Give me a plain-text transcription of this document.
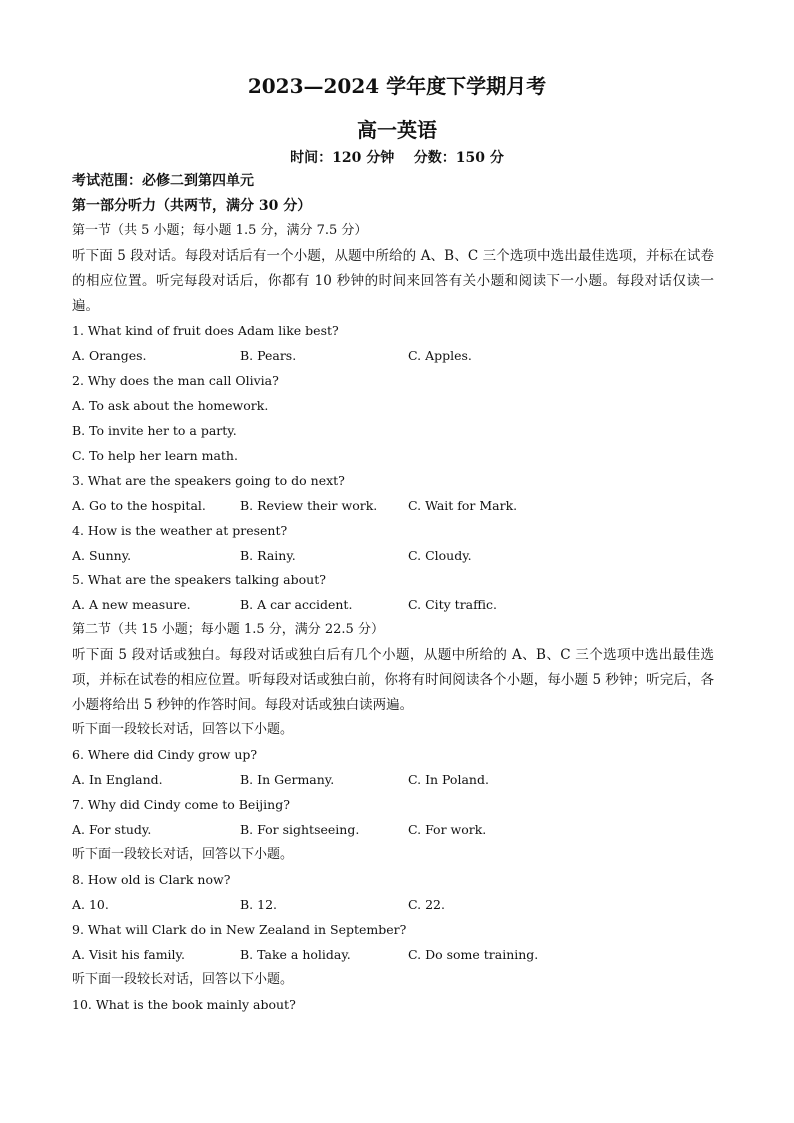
2023—2024 学年度下学期月考
高一英语
时间：120 分钟    分数：150 分
考试范围：必修二到第四单元
第一部分听力（共两节，满分 30 分）
第一节（共 5 小题；每小题 1.5 分，满分 7.5 分）
听下面 5 段对话。每段对话后有一个小题，从题中所给的 A、B、C 三个选项中选出最佳选项，并标在试卷的相应位置。听完每段对话后，你都有 10 秒钟的时间来回答有关小题和阅读下一小题。每段对话仅读一遍。
1. What kind of fruit does Adam like best?
A. Oranges.	B. Pears.	C. Apples.
2. Why does the man call Olivia?
A. To ask about the homework.
B. To invite her to a party.
C. To help her learn math.
3. What are the speakers going to do next?
A. Go to the hospital.	B. Review their work. C. Wait for Mark.
4. How is the weather at present?
A. Sunny.	B. Rainy.	C. Cloudy.
5. What are the speakers talking about?
A. A new measure.	B. A car accident.	C. City traffic.
第二节（共 15 小题；每小题 1.5 分，满分 22.5 分）
听下面 5 段对话或独白。每段对话或独白后有几个小题，从题中所给的 A、B、C 三个选项中选出最佳选项，并标在试卷的相应位置。听每段对话或独白前，你将有时间阅读各个小题，每小题 5 秒钟；听完后，各小题将给出 5 秒钟的作答时间。每段对话或独白读两遍。
听下面一段较长对话，回答以下小题。
6. Where did Cindy grow up?
A. In England.	B. In Germany.	C. In Poland.
7. Why did Cindy come to Beijing?
A. For study.	B. For sightseeing.	C. For work.
听下面一段较长对话，回答以下小题。
8. How old is Clark now?
A. 10.	B. 12.	C. 22.
9. What will Clark do in New Zealand in September?
A. Visit his family.	B. Take a holiday.	C. Do some training.
听下面一段较长对话，回答以下小题。
10. What is the book mainly about?
